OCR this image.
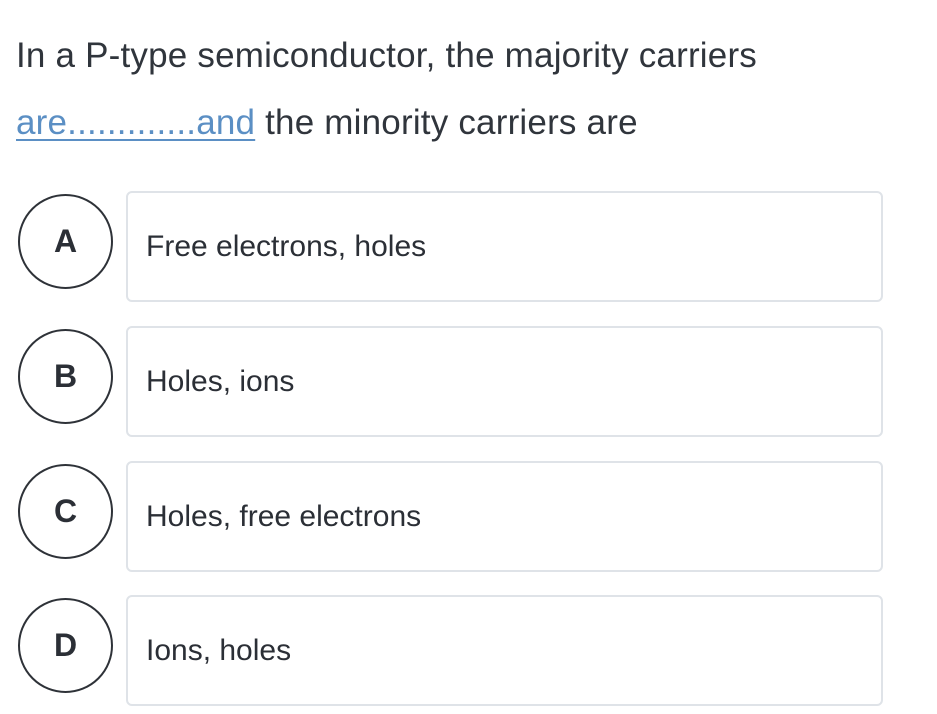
In a P-type semiconductor, the majority carriers
are.............and the minority carriers are
A	Free electrons, holes
B	Holes, ions
C	Holes, free electrons
D	Ions, holes
